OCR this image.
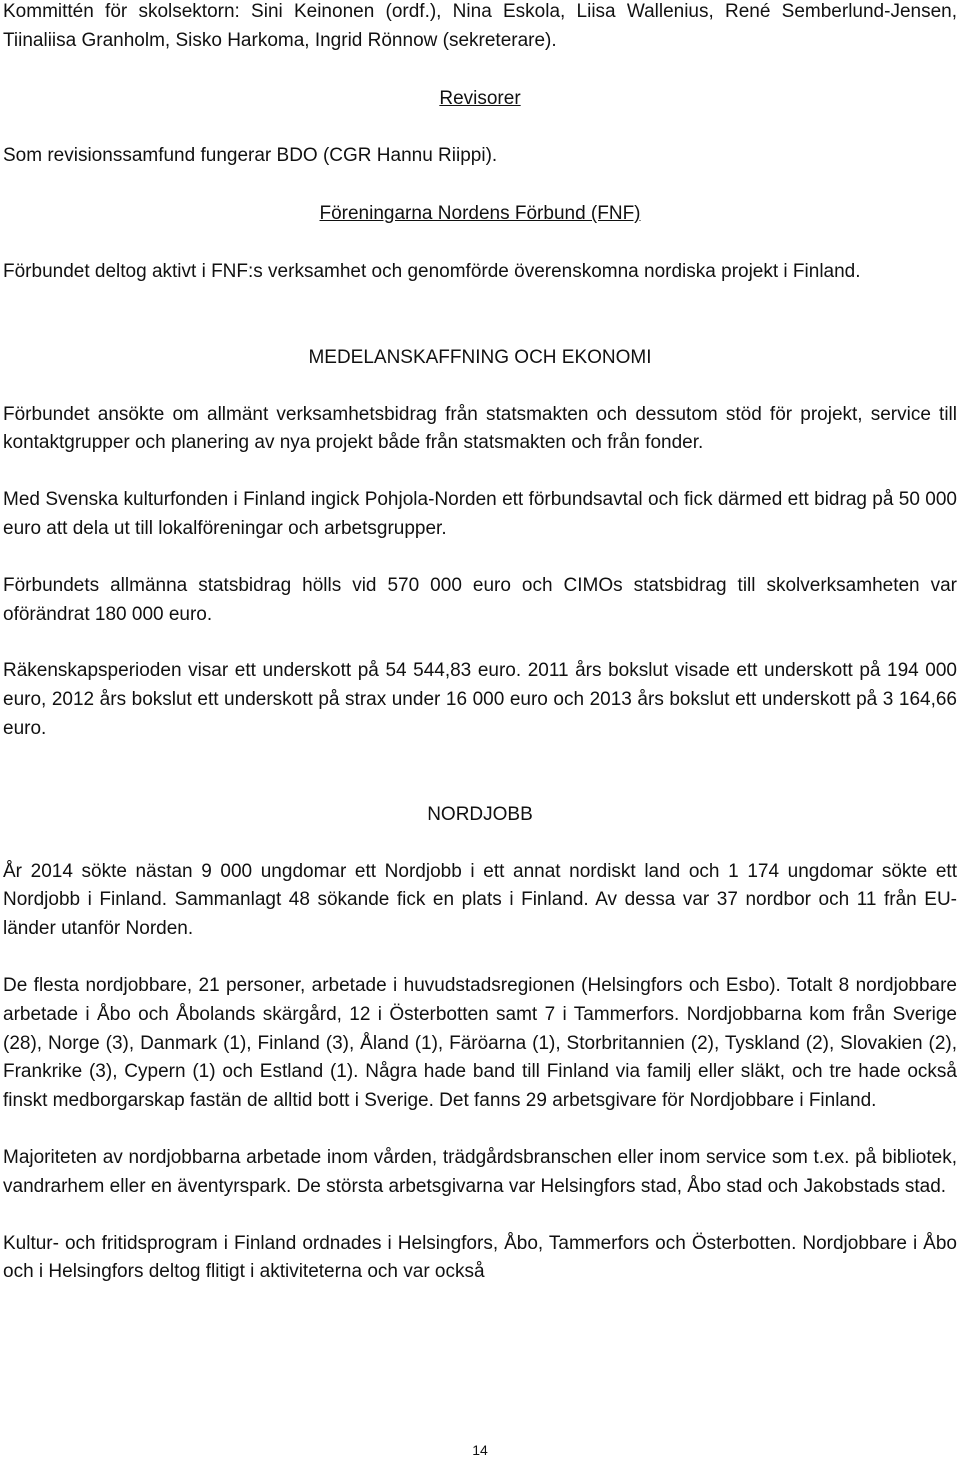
Kommittén för skolsektorn: Sini Keinonen (ordf.), Nina Eskola, Liisa Wallenius, René Semberlund-Jensen, Tiinaliisa Granholm, Sisko Harkoma, Ingrid Rönnow (sekreterare).

Revisorer

Som revisionssamfund fungerar BDO (CGR Hannu Riippi).

Föreningarna Nordens Förbund (FNF)

Förbundet deltog aktivt i FNF:s verksamhet och genomförde överenskomna nordiska projekt i Finland.

MEDELANSKAFFNING OCH EKONOMI

Förbundet ansökte om allmänt verksamhetsbidrag från statsmakten och dessutom stöd för projekt, service till kontaktgrupper och planering av nya projekt både från statsmakten och från fonder.

Med Svenska kulturfonden i Finland ingick Pohjola-Norden ett förbundsavtal och fick därmed ett bidrag på 50 000 euro att dela ut till lokalföreningar och arbetsgrupper.

Förbundets allmänna statsbidrag hölls vid 570 000 euro och CIMOs statsbidrag till skolverksamheten var oförändrat 180 000 euro.

Räkenskapsperioden visar ett underskott på 54 544,83 euro. 2011 års bokslut visade ett underskott på 194 000 euro, 2012 års bokslut ett underskott på strax under 16 000 euro och 2013 års bokslut ett underskott på 3 164,66 euro.

NORDJOBB

År 2014 sökte nästan 9 000 ungdomar ett Nordjobb i ett annat nordiskt land och 1 174 ungdomar sökte ett Nordjobb i Finland. Sammanlagt 48 sökande fick en plats i Finland. Av dessa var 37 nordbor och 11 från EU-länder utanför Norden.

De flesta nordjobbare, 21 personer, arbetade i huvudstadsregionen (Helsingfors och Esbo). Totalt 8 nordjobbare arbetade i Åbo och Åbolands skärgård, 12 i Österbotten samt 7 i Tammerfors. Nordjobbarna kom från Sverige (28), Norge (3), Danmark (1), Finland (3), Åland (1), Färöarna (1), Storbritannien (2), Tyskland (2), Slovakien (2), Frankrike (3), Cypern (1) och Estland (1). Några hade band till Finland via familj eller släkt, och tre hade också finskt medborgarskap fastän de alltid bott i Sverige. Det fanns 29 arbetsgivare för Nordjobbare i Finland.

Majoriteten av nordjobbarna arbetade inom vården, trädgårdsbranschen eller inom service som t.ex. på bibliotek, vandrarhem eller en äventyrspark. De största arbetsgivarna var Helsingfors stad, Åbo stad och Jakobstads stad.

Kultur- och fritidsprogram i Finland ordnades i Helsingfors, Åbo, Tammerfors och Österbotten. Nordjobbare i Åbo och i Helsingfors deltog flitigt i aktiviteterna och var också

14
